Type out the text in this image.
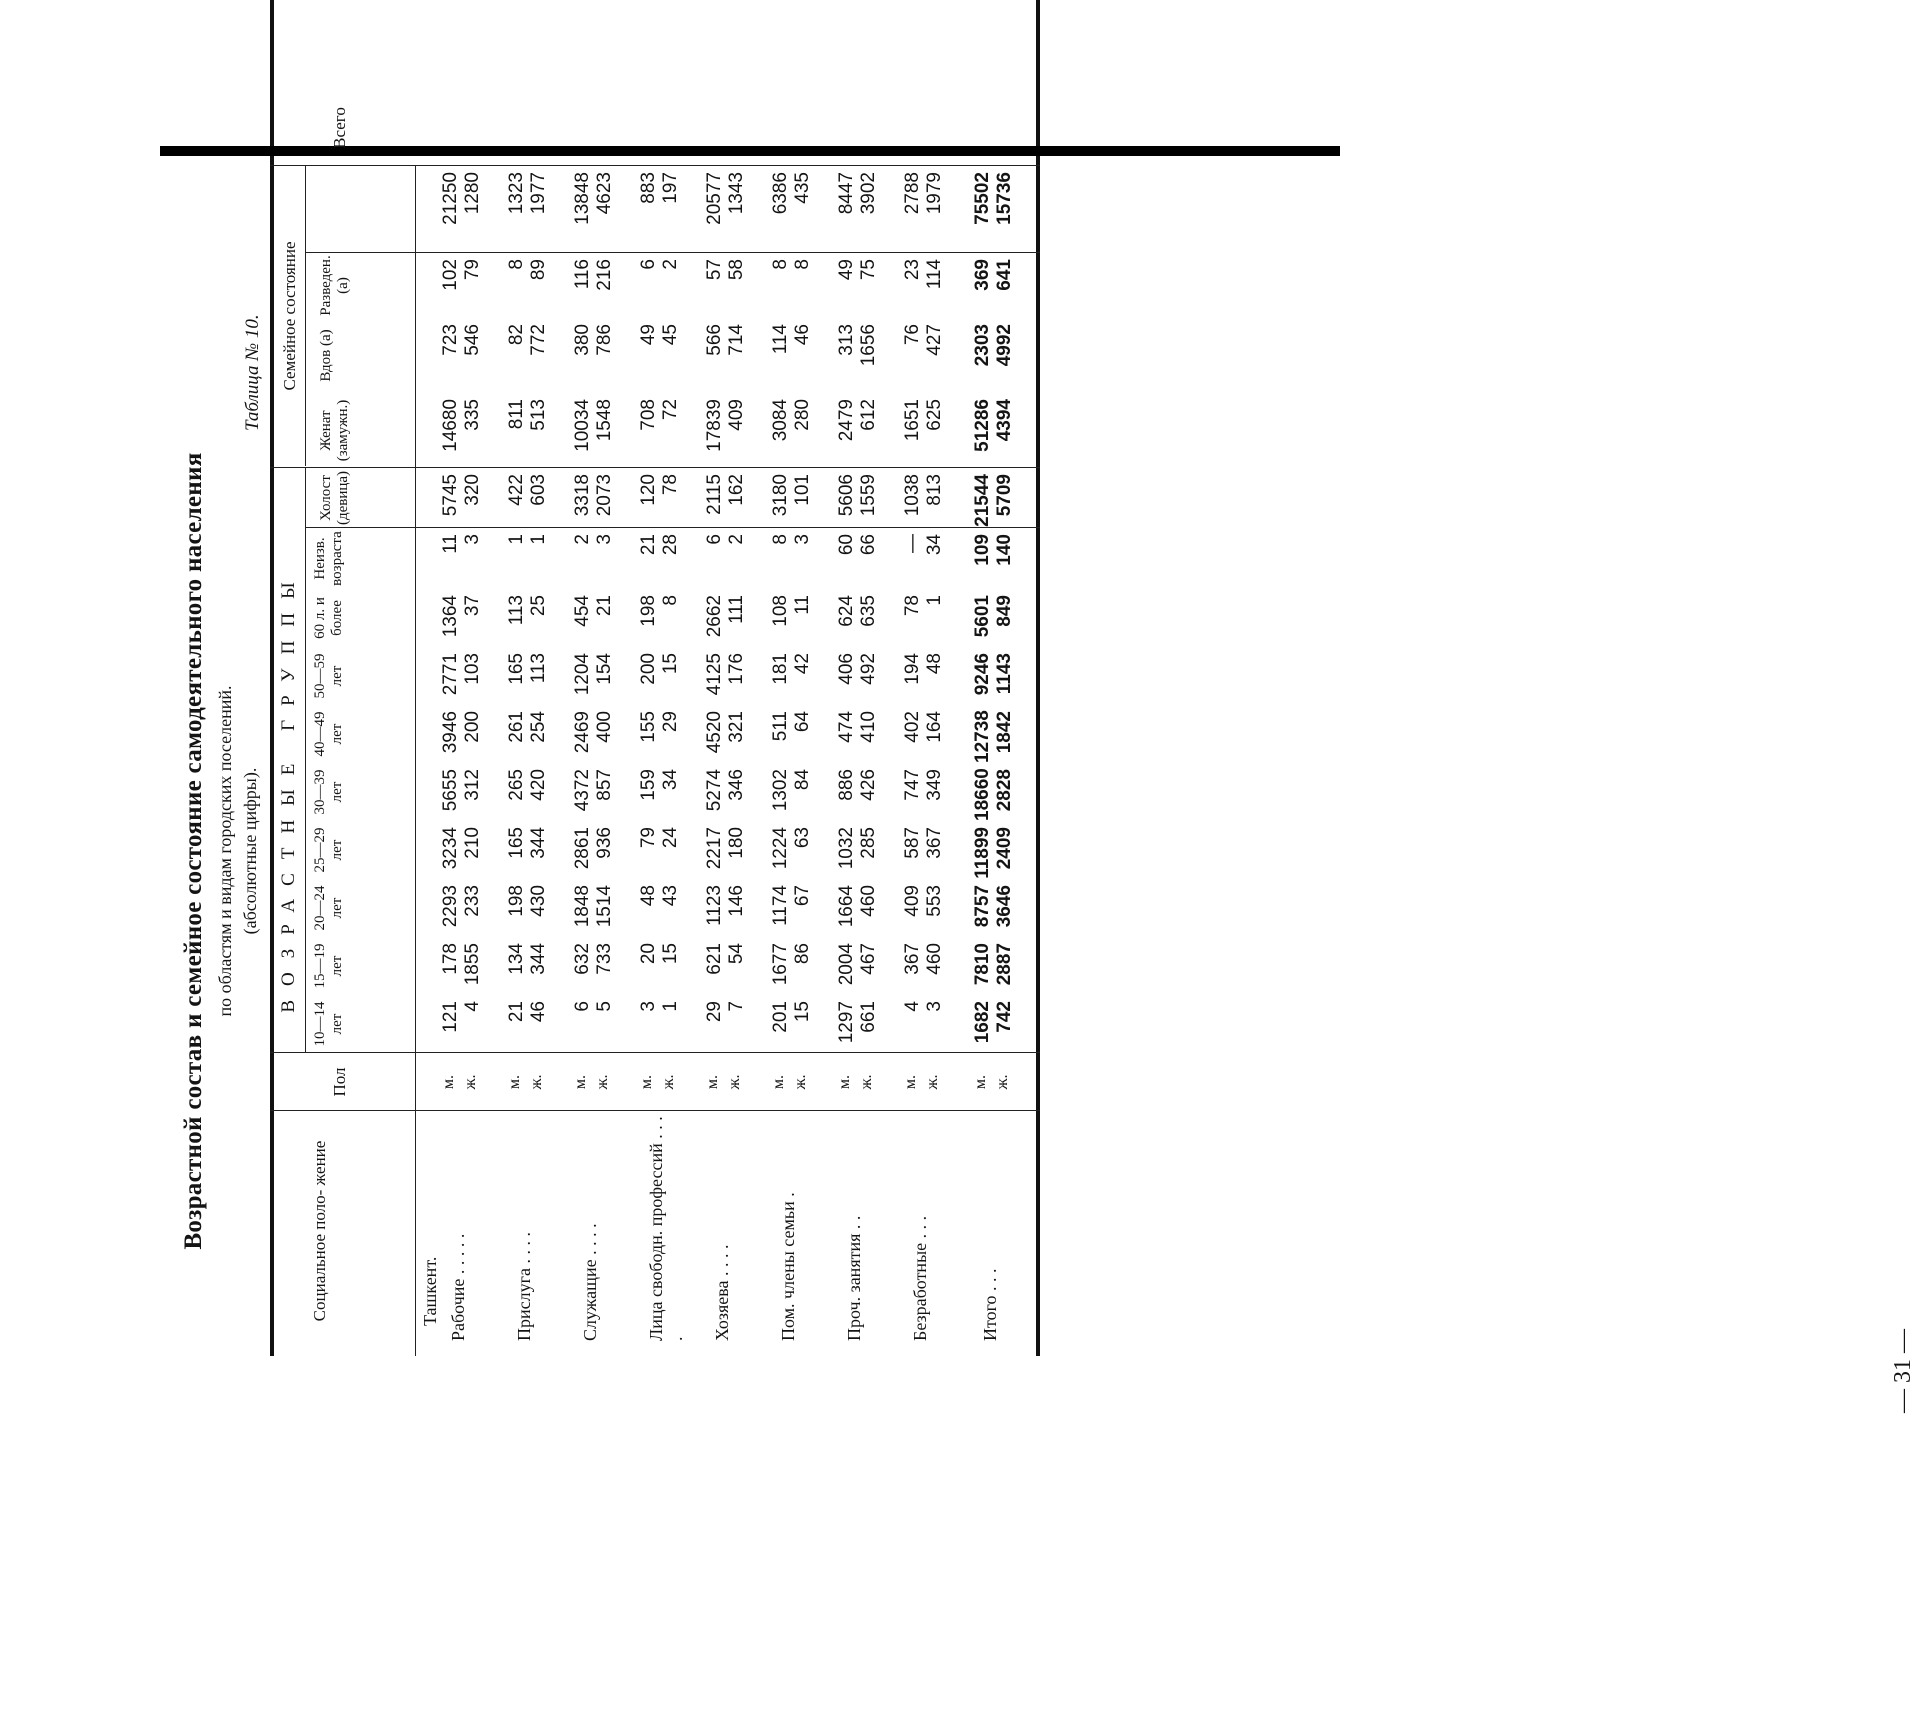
Возрастной состав и семейное состояние самодеятельного населения по областям и видам городских поселений. (абсолютные цифры).
Таблица № 10.
Социальное поло- жение
Пол
ВОЗРАСТНЫЕ ГРУППЫ
Семейное состояние
Всего
10—14 лет
15—19 лет
20—24 лет
25—29 лет
30—39 лет
40—49 лет
50—59 лет
60 л. и более
Неизв. возраста
Холост (девица)
Женат (замужн.)
Вдов (а)
Разведен. (а)
Ташкент. Рабочие . . . . .
м.
121
178
2293
3234
5655
3946
2771
1364
11
5745
14680
723
102
21250
ж.
4
1855
233
210
312
200
103
37
3
320
335
546
79
1280
Прислуга . . . .
м.
21
134
198
165
265
261
165
113
1
422
811
82
8
1323
ж.
46
344
430
344
420
254
113
25
1
603
513
772
89
1977
Служащие . . . .
м.
6
632
1848
2861
4372
2469
1204
454
2
3318
10034
380
116
13848
ж.
5
733
1514
936
857
400
154
21
3
2073
1548
786
216
4623
Лица свободн. профессий . . . .
м.
3
20
48
79
159
155
200
198
21
120
708
49
6
883
ж.
1
15
43
24
34
29
15
8
28
78
72
45
2
197
Хозяева . . . .
м.
29
621
1123
2217
5274
4520
4125
2662
6
2115
17839
566
57
20577
ж.
7
54
146
180
346
321
176
111
2
162
409
714
58
1343
Пом. члены семьи .
м.
201
1677
1174
1224
1302
511
181
108
8
3180
3084
114
8
6386
ж.
15
86
67
63
84
64
42
11
3
101
280
46
8
435
Проч. занятия . .
м.
1297
2004
1664
1032
886
474
406
624
60
5606
2479
313
49
8447
ж.
661
467
460
285
426
410
492
635
66
1559
612
1656
75
3902
Безработные . . .
м.
4
367
409
587
747
402
194
78
—
1038
1651
76
23
2788
ж.
3
460
553
367
349
164
48
1
34
813
625
427
114
1979
Итого . . .
м.
1682
7810
8757
11899
18660
12738
9246
5601
109
21544
51286
2303
369
75502
ж.
742
2887
3646
2409
2828
1842
1143
849
140
5709
4394
4992
641
15736
— 31 —
